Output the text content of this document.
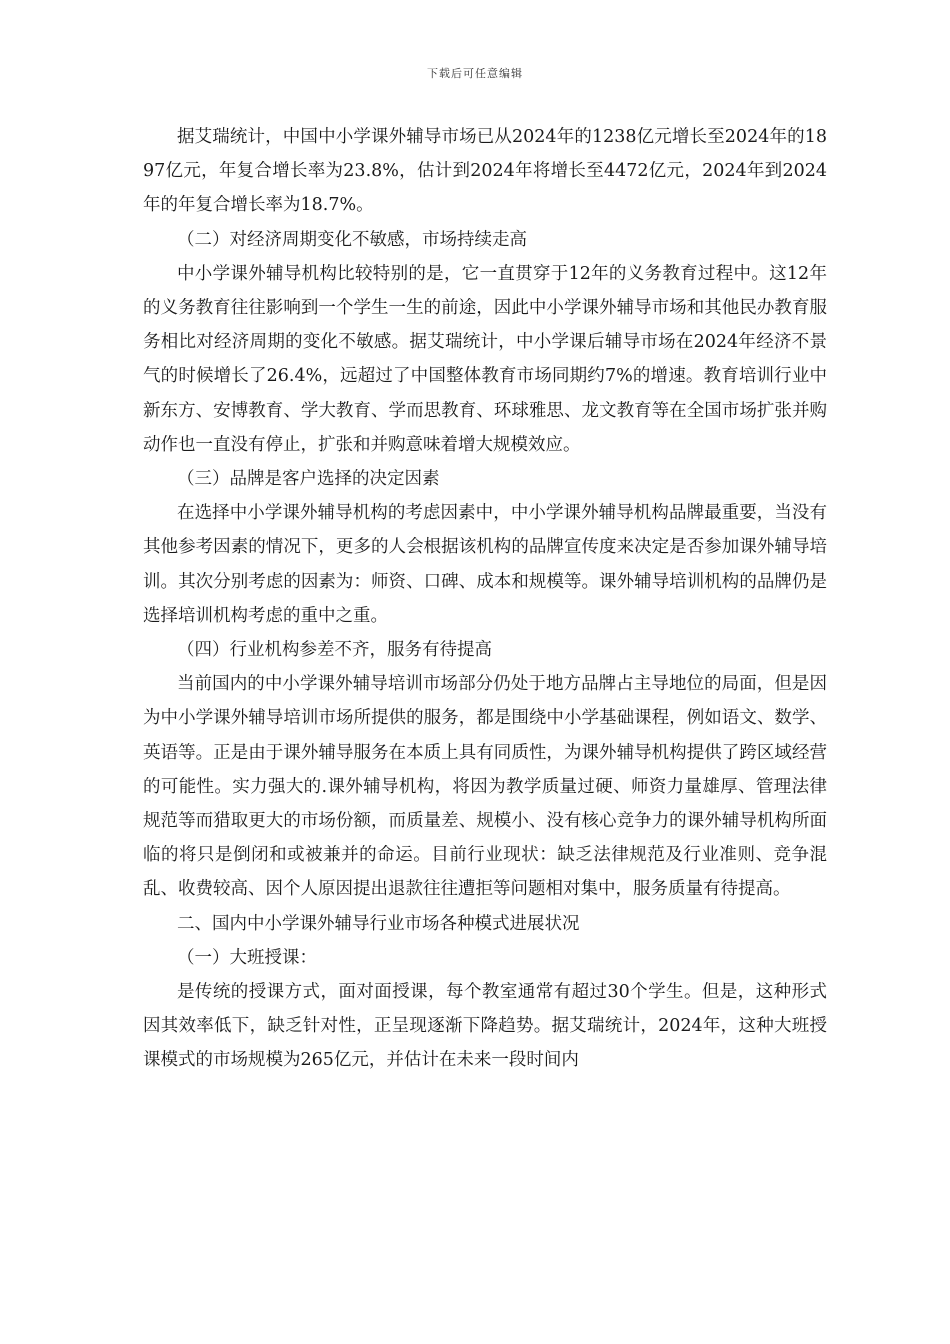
下载后可任意编辑

据艾瑞统计，中国中小学课外辅导市场已从2024年的1238亿元增长至2024年的1897亿元，年复合增长率为23.8%，估计到2024年将增长至4472亿元，2024年到2024年的年复合增长率为18.7%。

（二）对经济周期变化不敏感，市场持续走高

中小学课外辅导机构比较特别的是，它一直贯穿于12年的义务教育过程中。这12年的义务教育往往影响到一个学生一生的前途，因此中小学课外辅导市场和其他民办教育服务相比对经济周期的变化不敏感。据艾瑞统计，中小学课后辅导市场在2024年经济不景气的时候增长了26.4%，远超过了中国整体教育市场同期约7%的增速。教育培训行业中新东方、安博教育、学大教育、学而思教育、环球雅思、龙文教育等在全国市场扩张并购动作也一直没有停止，扩张和并购意味着增大规模效应。

（三）品牌是客户选择的决定因素

在选择中小学课外辅导机构的考虑因素中，中小学课外辅导机构品牌最重要，当没有其他参考因素的情况下，更多的人会根据该机构的品牌宣传度来决定是否参加课外辅导培训。其次分别考虑的因素为：师资、口碑、成本和规模等。课外辅导培训机构的品牌仍是选择培训机构考虑的重中之重。

（四）行业机构参差不齐，服务有待提高

当前国内的中小学课外辅导培训市场部分仍处于地方品牌占主导地位的局面，但是因为中小学课外辅导培训市场所提供的服务，都是围绕中小学基础课程，例如语文、数学、英语等。正是由于课外辅导服务在本质上具有同质性，为课外辅导机构提供了跨区域经营的可能性。实力强大的.课外辅导机构，将因为教学质量过硬、师资力量雄厚、管理法律规范等而猎取更大的市场份额，而质量差、规模小、没有核心竞争力的课外辅导机构所面临的将只是倒闭和或被兼并的命运。目前行业现状：缺乏法律规范及行业准则、竞争混乱、收费较高、因个人原因提出退款往往遭拒等问题相对集中，服务质量有待提高。

二、国内中小学课外辅导行业市场各种模式进展状况

（一）大班授课：

是传统的授课方式，面对面授课，每个教室通常有超过30个学生。但是，这种形式因其效率低下，缺乏针对性，正呈现逐渐下降趋势。据艾瑞统计，2024年，这种大班授课模式的市场规模为265亿元，并估计在未来一段时间内
